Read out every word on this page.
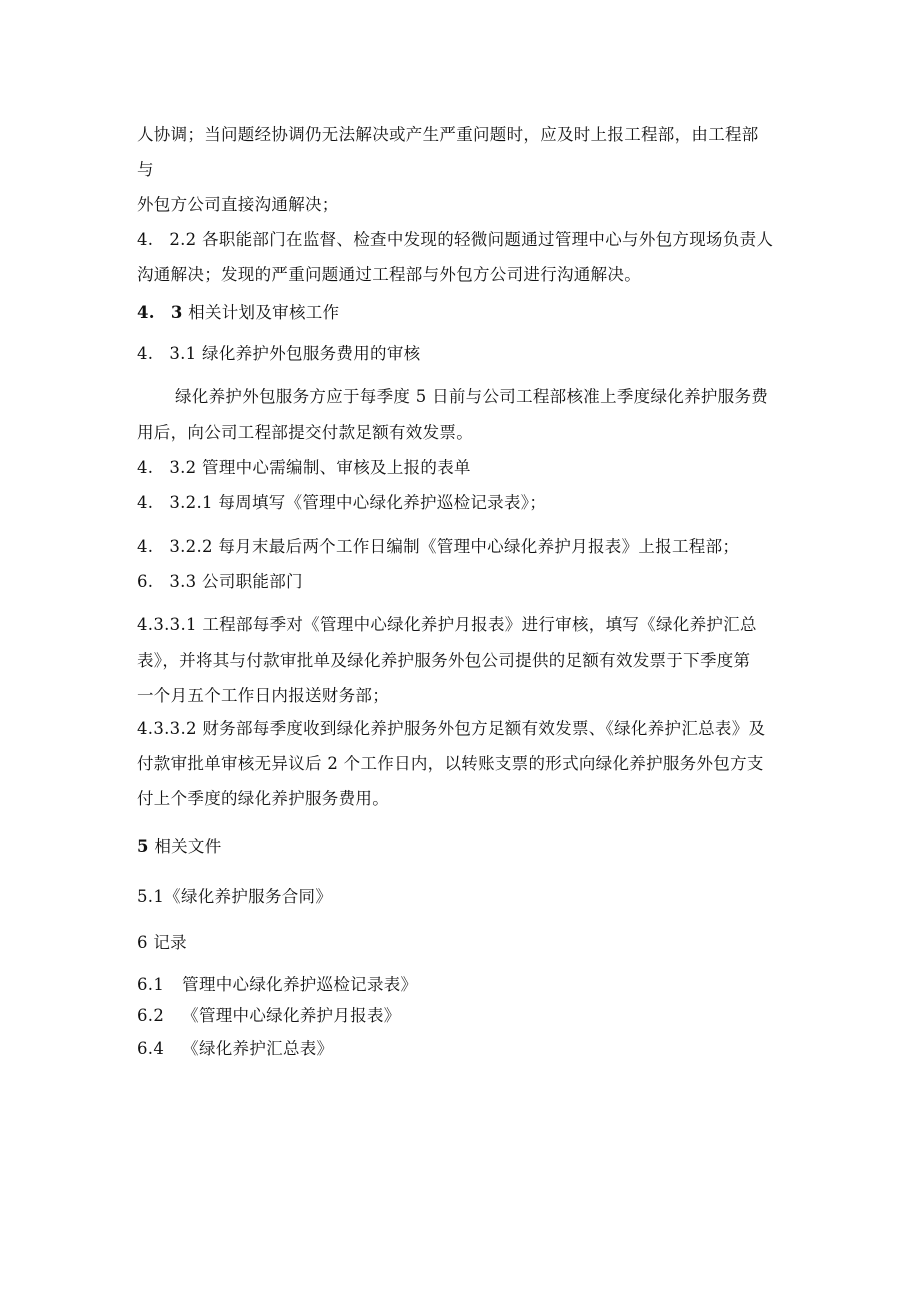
人协调；当问题经协调仍无法解决或产生严重问题时，应及时上报工程部，由工程部
与
外包方公司直接沟通解决；
4. 2.2 各职能部门在监督、检查中发现的轻微问题通过管理中心与外包方现场负责人
沟通解决；发现的严重问题通过工程部与外包方公司进行沟通解决。
4. 3 相关计划及审核工作
4. 3.1 绿化养护外包服务费用的审核
绿化养护外包服务方应于每季度 5 日前与公司工程部核准上季度绿化养护服务费
用后，向公司工程部提交付款足额有效发票。
4. 3.2 管理中心需编制、审核及上报的表单
4. 3.2.1 每周填写《管理中心绿化养护巡检记录表》；
4. 3.2.2 每月末最后两个工作日编制《管理中心绿化养护月报表》上报工程部；
6. 3.3 公司职能部门
4.3.3.1 工程部每季对《管理中心绿化养护月报表》进行审核，填写《绿化养护汇总
表》，并将其与付款审批单及绿化养护服务外包公司提供的足额有效发票于下季度第
一个月五个工作日内报送财务部；
4.3.3.2 财务部每季度收到绿化养护服务外包方足额有效发票、《绿化养护汇总表》及
付款审批单审核无异议后 2 个工作日内，以转账支票的形式向绿化养护服务外包方支
付上个季度的绿化养护服务费用。
5 相关文件
5.1《绿化养护服务合同》
6 记录
6.1 管理中心绿化养护巡检记录表》
6.2 《管理中心绿化养护月报表》
6.4 《绿化养护汇总表》
